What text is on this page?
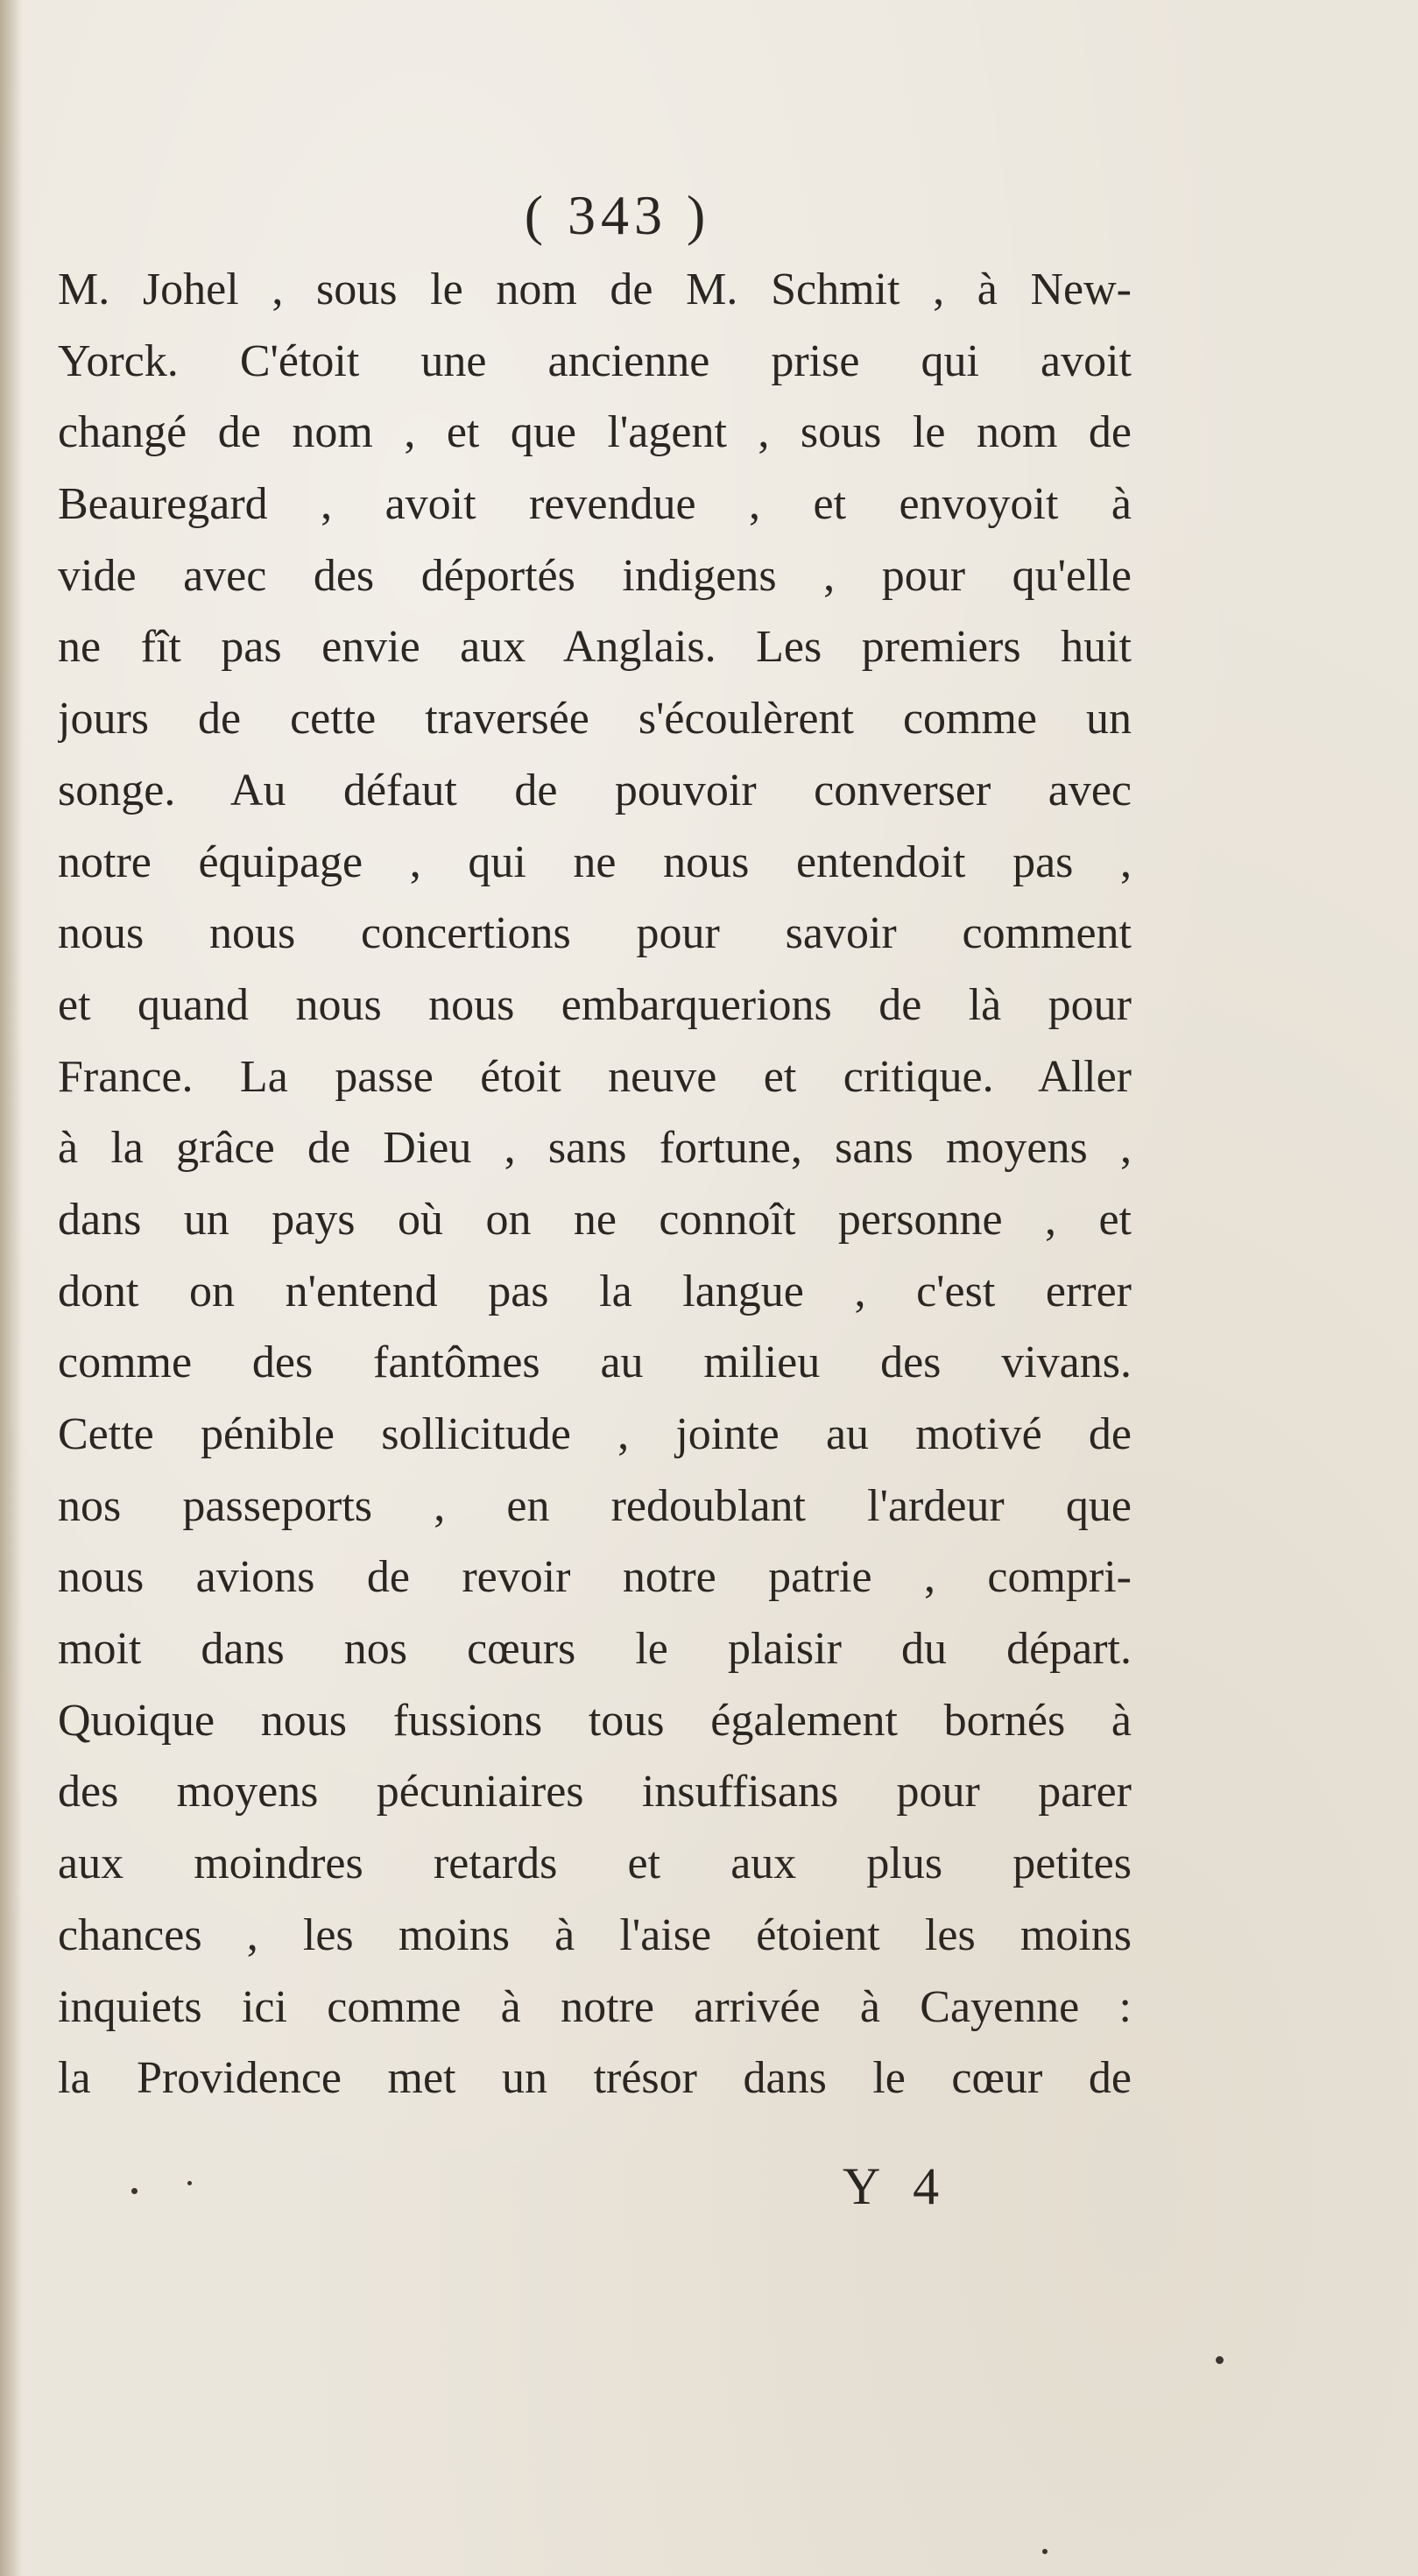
( 343 )
M. Johel , sous le nom de M. Schmit , à New-
Yorck. C'étoit une ancienne prise qui avoit
changé de nom , et que l'agent , sous le nom de
Beauregard , avoit revendue , et envoyoit à
vide avec des déportés indigens , pour qu'elle
ne fît pas envie aux Anglais. Les premiers huit
jours de cette traversée s'écoulèrent comme un
songe. Au défaut de pouvoir converser avec
notre équipage , qui ne nous entendoit pas ,
nous nous concertions pour savoir comment
et quand nous nous embarquerions de là pour
France. La passe étoit neuve et critique. Aller
à la grâce de Dieu , sans fortune, sans moyens ,
dans un pays où on ne connoît personne , et
dont on n'entend pas la langue , c'est errer
comme des fantômes au milieu des vivans.
Cette pénible sollicitude , jointe au motivé de
nos passeports , en redoublant l'ardeur que
nous avions de revoir notre patrie , compri-
moit dans nos cœurs le plaisir du départ.
Quoique nous fussions tous également bornés à
des moyens pécuniaires insuffisans pour parer
aux moindres retards et aux plus petites
chances , les moins à l'aise étoient les moins
inquiets ici comme à notre arrivée à Cayenne :
la Providence met un trésor dans le cœur de
Y 4
